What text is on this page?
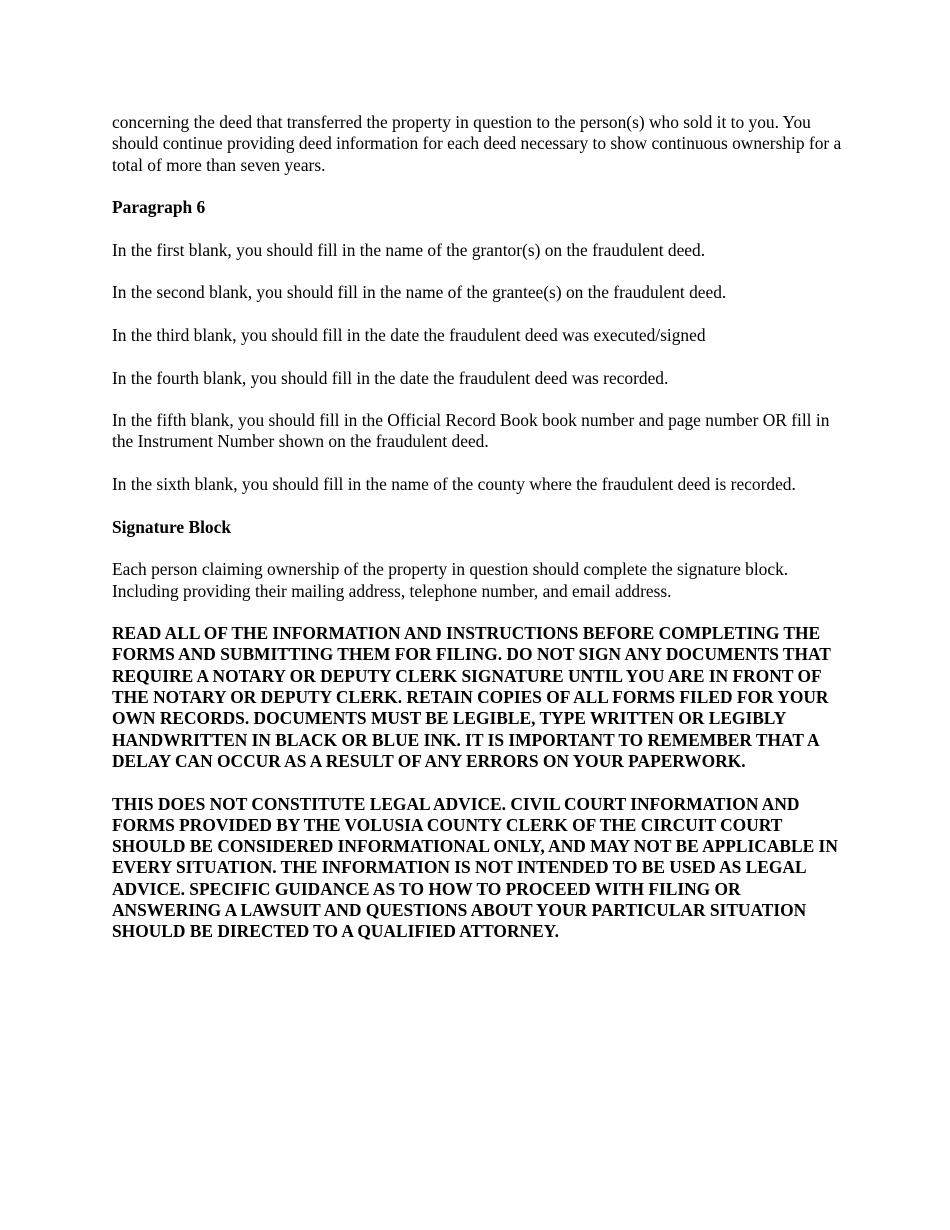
concerning the deed that transferred the property in question to the person(s) who sold it to you. You should continue providing deed information for each deed necessary to show continuous ownership for a total of more than seven years.

Paragraph 6

In the first blank, you should fill in the name of the grantor(s) on the fraudulent deed.

In the second blank, you should fill in the name of the grantee(s) on the fraudulent deed.

In the third blank, you should fill in the date the fraudulent deed was executed/signed

In the fourth blank, you should fill in the date the fraudulent deed was recorded.

In the fifth blank, you should fill in the Official Record Book book number and page number OR fill in the Instrument Number shown on the fraudulent deed.

In the sixth blank, you should fill in the name of the county where the fraudulent deed is recorded.

Signature Block

Each person claiming ownership of the property in question should complete the signature block. Including providing their mailing address, telephone number, and email address.

READ ALL OF THE INFORMATION AND INSTRUCTIONS BEFORE COMPLETING THE FORMS AND SUBMITTING THEM FOR FILING. DO NOT SIGN ANY DOCUMENTS THAT REQUIRE A NOTARY OR DEPUTY CLERK SIGNATURE UNTIL YOU ARE IN FRONT OF THE NOTARY OR DEPUTY CLERK. RETAIN COPIES OF ALL FORMS FILED FOR YOUR OWN RECORDS. DOCUMENTS MUST BE LEGIBLE, TYPE WRITTEN OR LEGIBLY HANDWRITTEN IN BLACK OR BLUE INK. IT IS IMPORTANT TO REMEMBER THAT A DELAY CAN OCCUR AS A RESULT OF ANY ERRORS ON YOUR PAPERWORK.

THIS DOES NOT CONSTITUTE LEGAL ADVICE. CIVIL COURT INFORMATION AND FORMS PROVIDED BY THE VOLUSIA COUNTY CLERK OF THE CIRCUIT COURT SHOULD BE CONSIDERED INFORMATIONAL ONLY, AND MAY NOT BE APPLICABLE IN EVERY SITUATION. THE INFORMATION IS NOT INTENDED TO BE USED AS LEGAL ADVICE. SPECIFIC GUIDANCE AS TO HOW TO PROCEED WITH FILING OR ANSWERING A LAWSUIT AND QUESTIONS ABOUT YOUR PARTICULAR SITUATION SHOULD BE DIRECTED TO A QUALIFIED ATTORNEY.
